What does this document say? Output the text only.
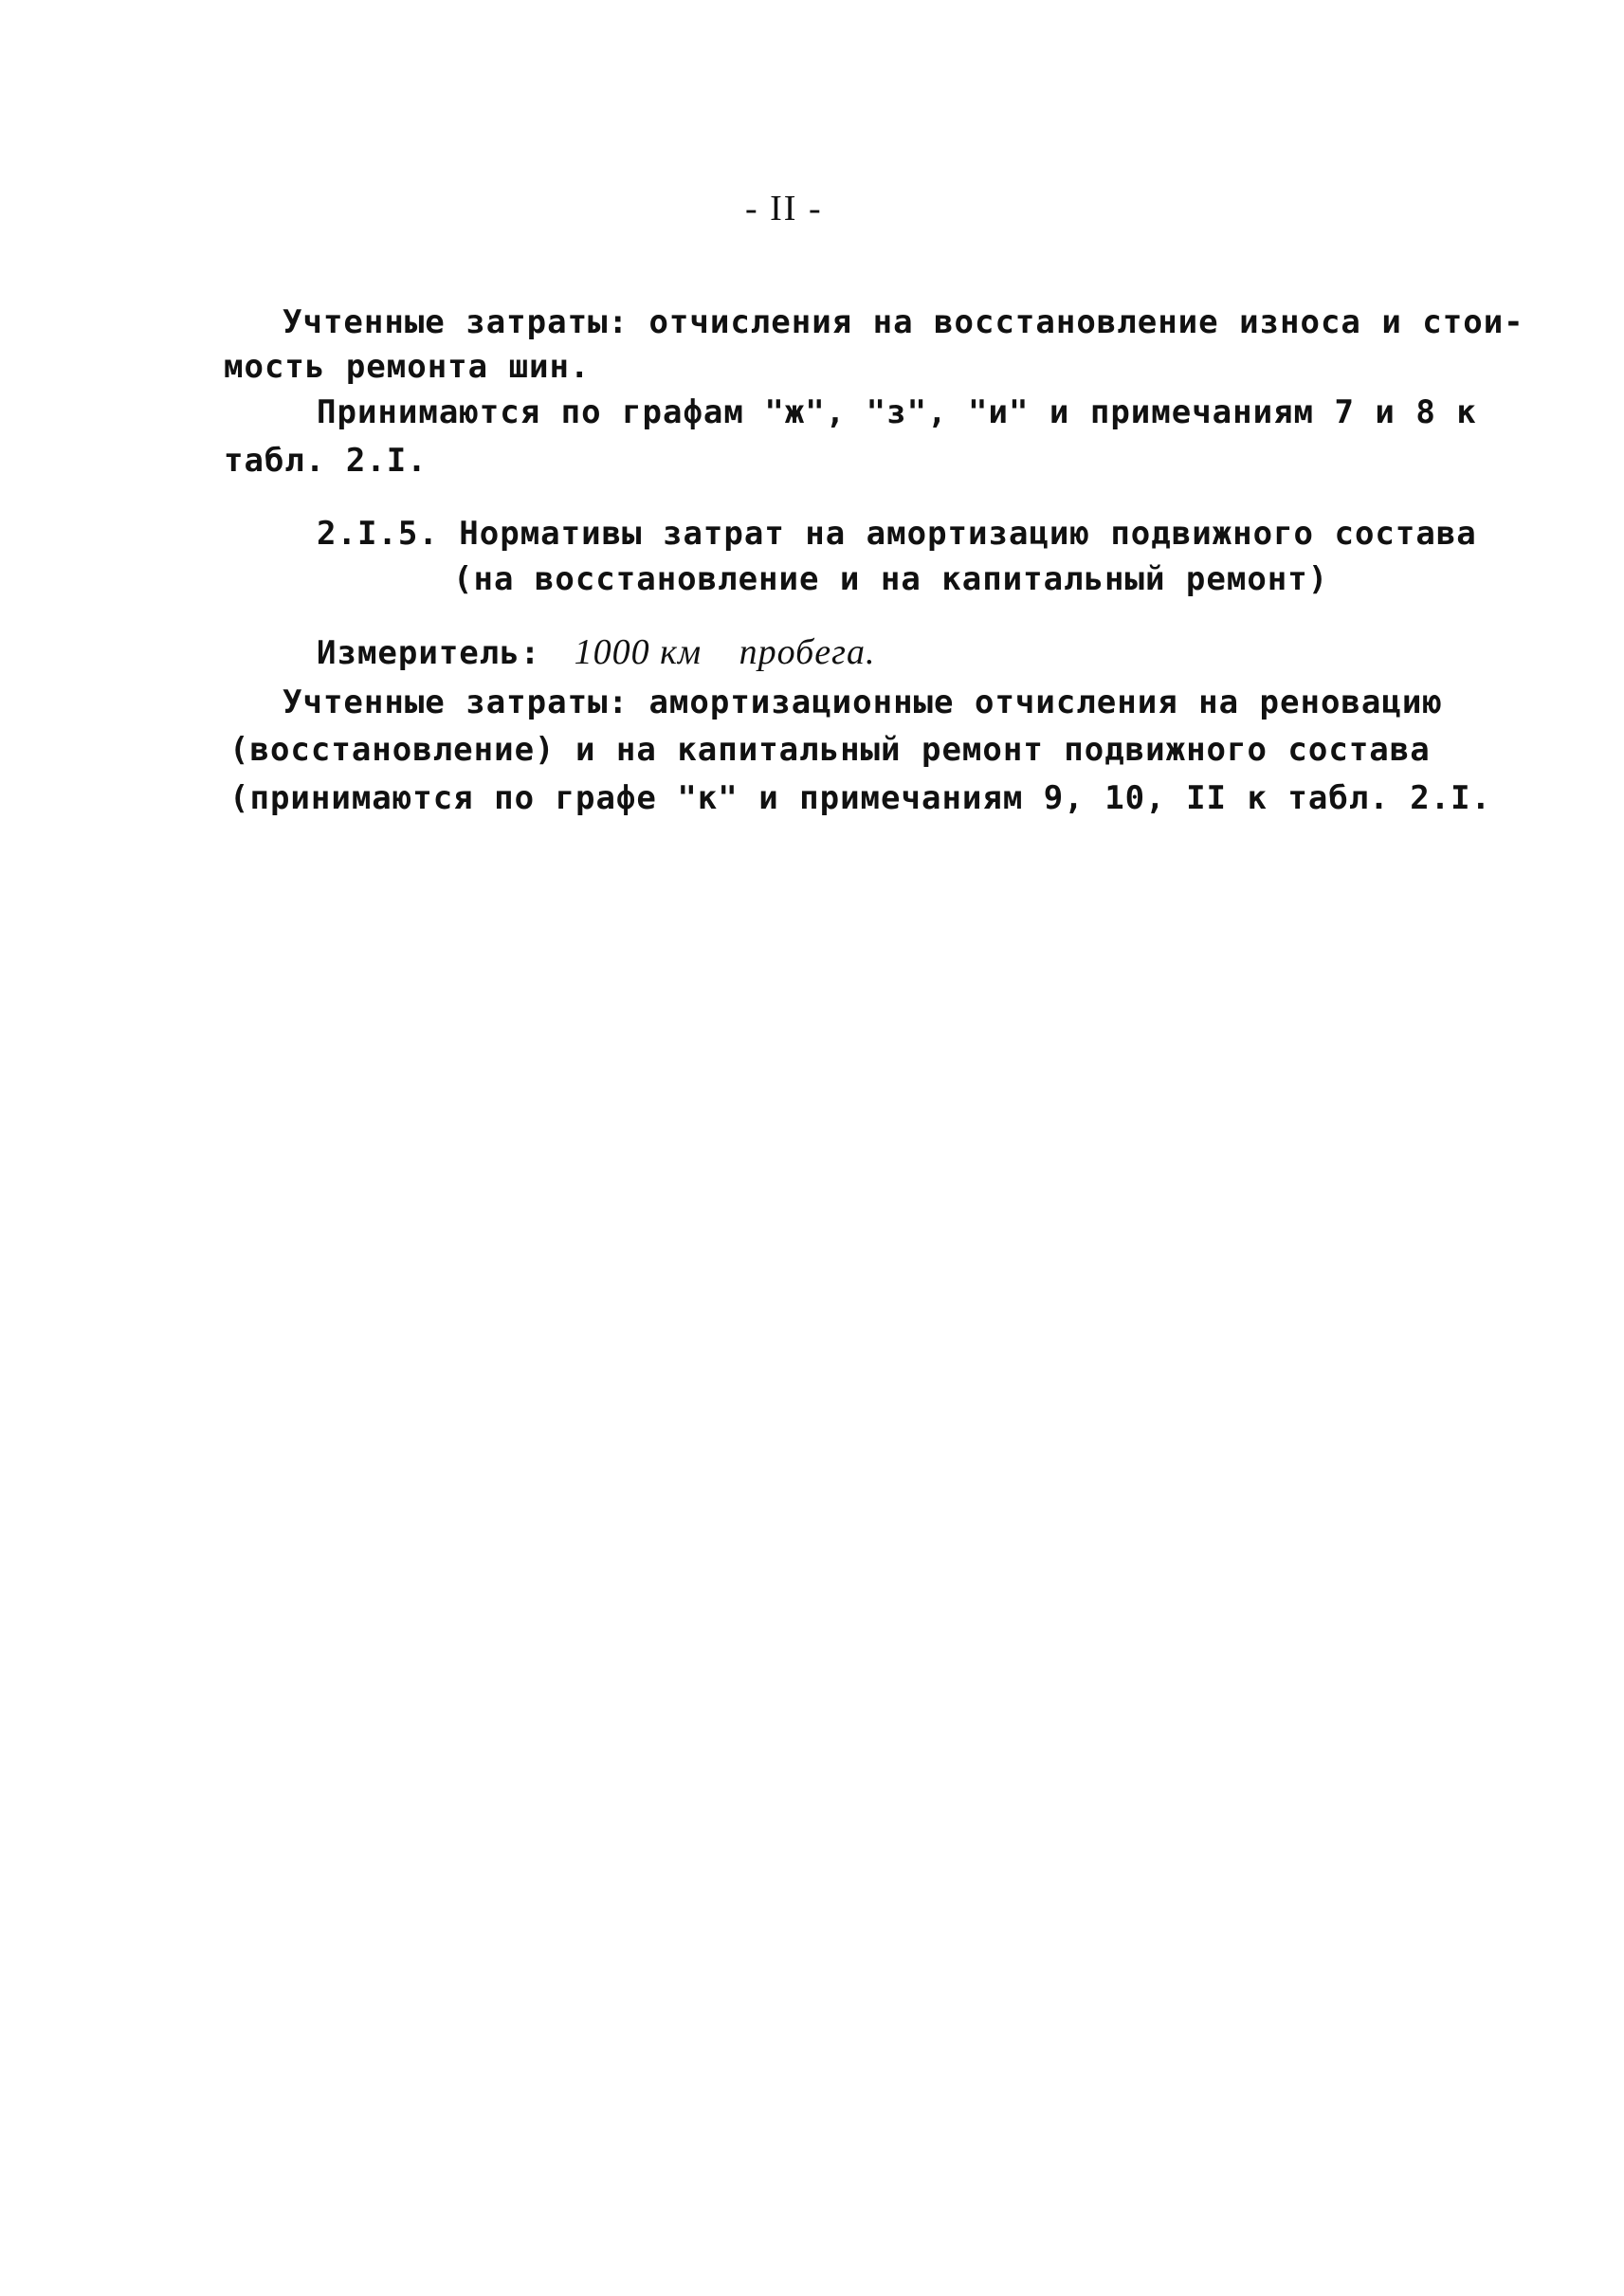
- II -
Учтенные затраты: отчисления на восстановление износа и стои-
мость ремонта шин.
Принимаются по графам "ж", "з", "и" и примечаниям 7 и 8 к
табл. 2.I.
2.I.5. Нормативы затрат на амортизацию подвижного состава
(на восстановление и на капитальный ремонт)
Измеритель: 1000 км пробега.
Учтенные затраты: амортизационные отчисления на реновацию
(восстановление) и на капитальный ремонт подвижного состава
(принимаются по графе "к" и примечаниям 9, 10, II к табл. 2.I.
